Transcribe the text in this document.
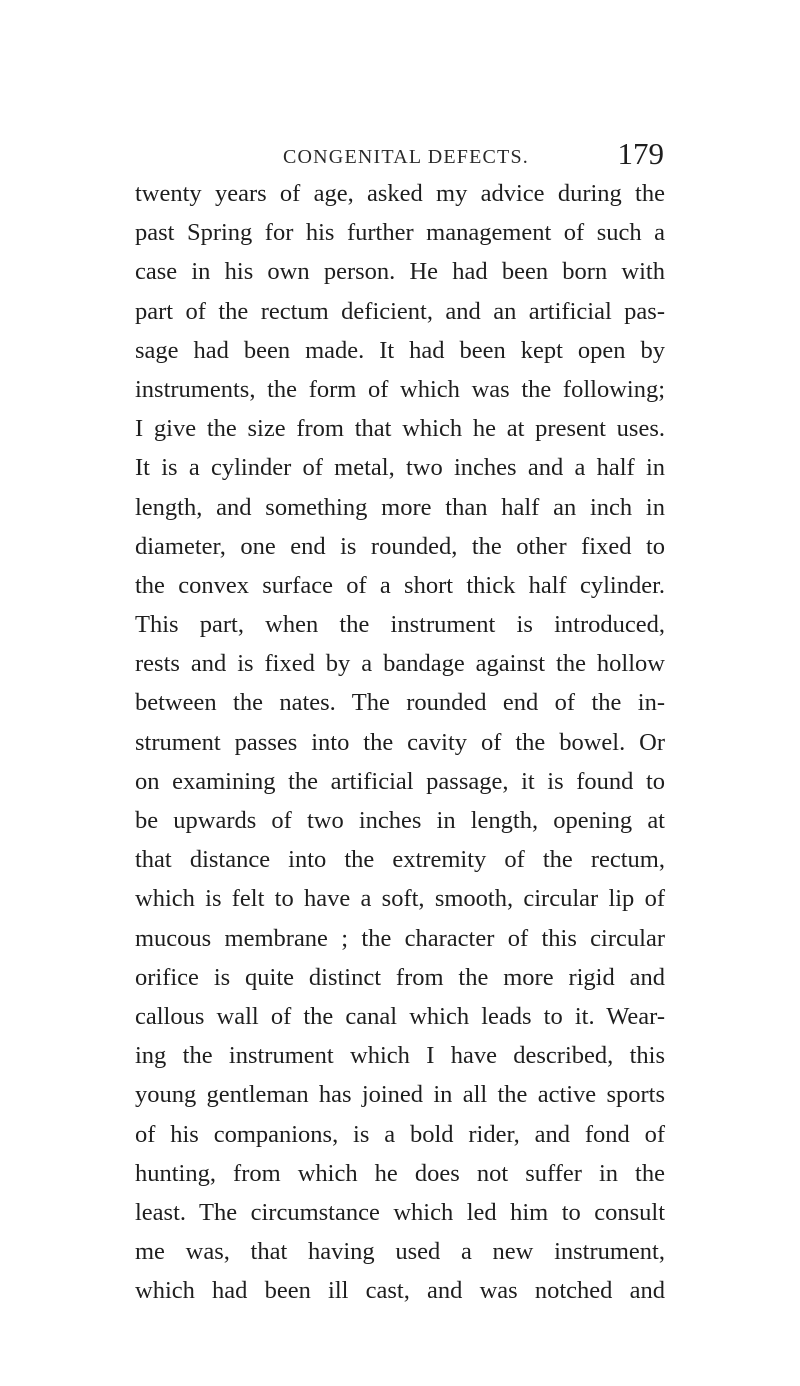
CONGENITAL DEFECTS.	179
twenty years of age, asked my advice during the
past Spring for his further management of such a
case in his own person. He had been born with
part of the rectum deficient, and an artificial pas-
sage had been made. It had been kept open by
instruments, the form of which was the following;
I give the size from that which he at present uses.
It is a cylinder of metal, two inches and a half in
length, and something more than half an inch in
diameter, one end is rounded, the other fixed to
the convex surface of a short thick half cylinder.
This part, when the instrument is introduced,
rests and is fixed by a bandage against the hollow
between the nates. The rounded end of the in-
strument passes into the cavity of the bowel. Or
on examining the artificial passage, it is found to
be upwards of two inches in length, opening at
that distance into the extremity of the rectum,
which is felt to have a soft, smooth, circular lip of
mucous membrane ; the character of this circular
orifice is quite distinct from the more rigid and
callous wall of the canal which leads to it. Wear-
ing the instrument which I have described, this
young gentleman has joined in all the active sports
of his companions, is a bold rider, and fond of
hunting, from which he does not suffer in the
least. The circumstance which led him to consult
me was, that having used a new instrument,
which had been ill cast, and was notched and
